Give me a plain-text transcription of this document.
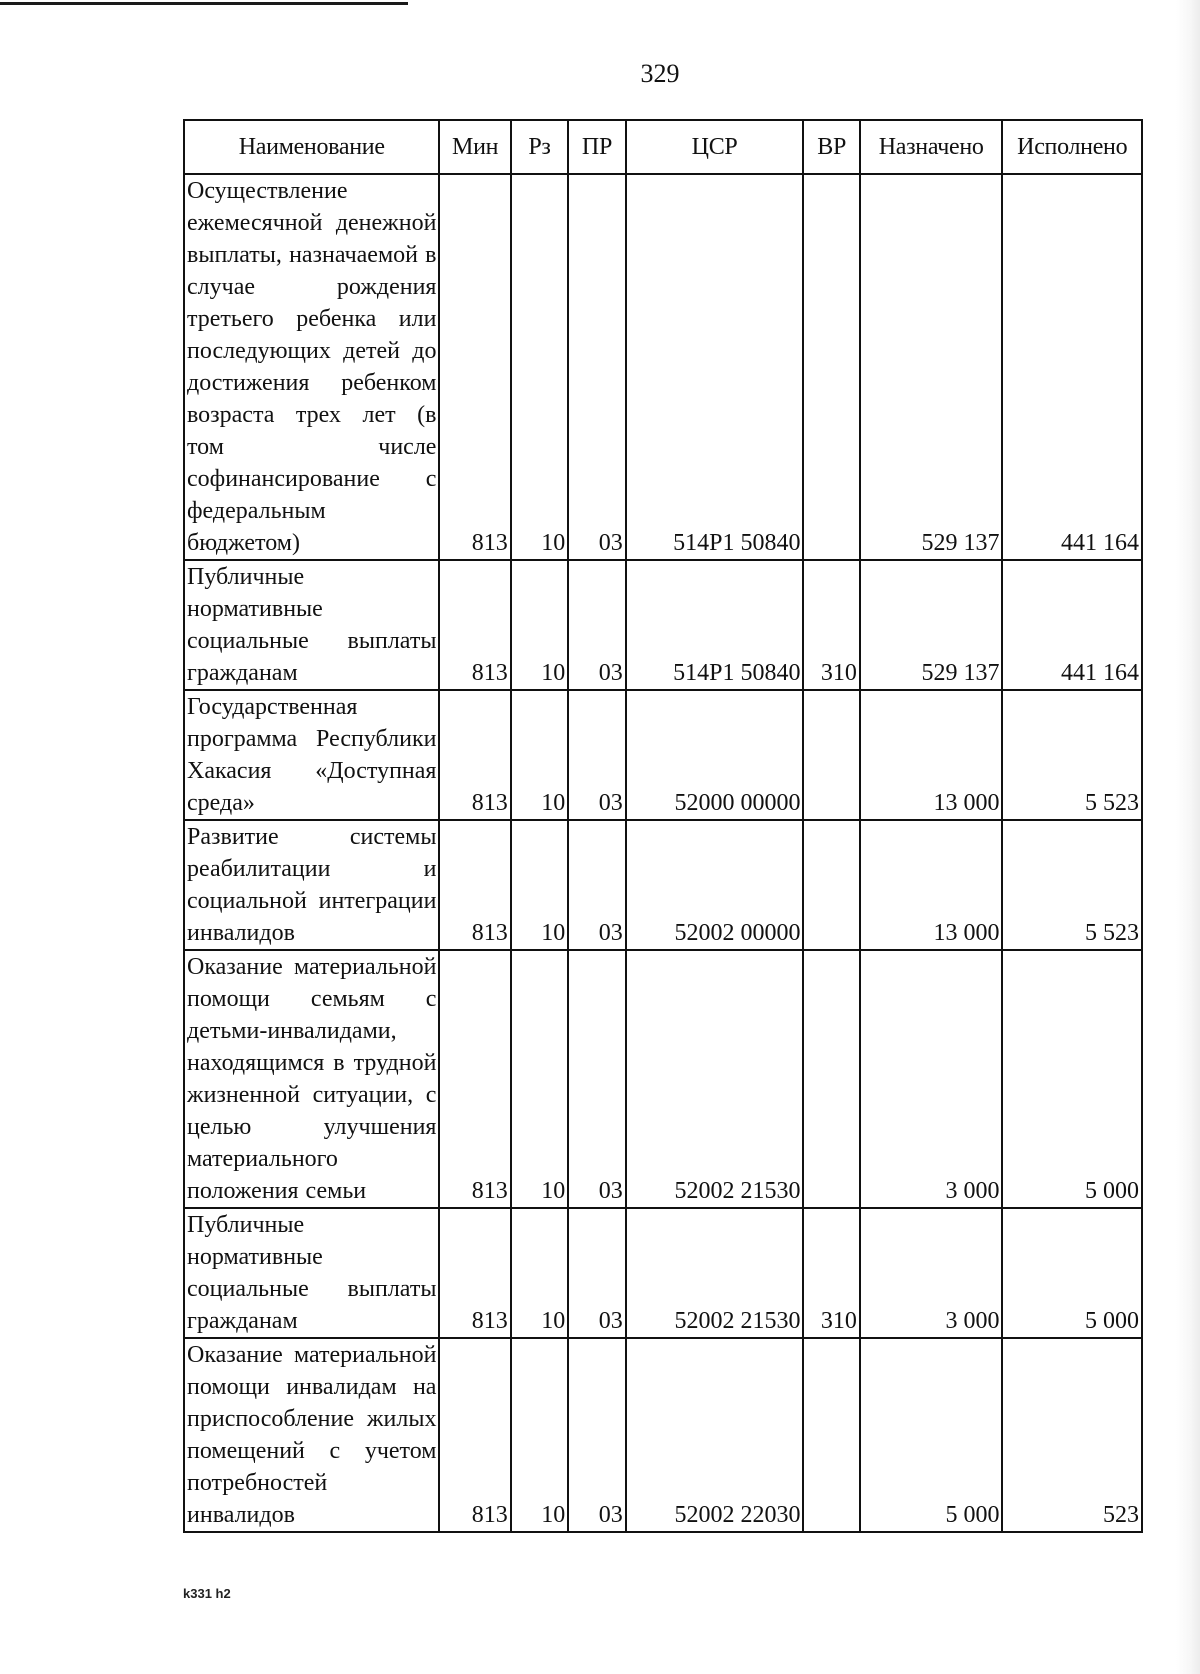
329
Наименование	Мин	Рз	ПР	ЦСР	ВР	Назначено	Исполнено
Осуществление ежемесячной денежной выплаты, назначаемой в случае рождения третьего ребенка или последующих детей до достижения ребенком возраста трех лет (в том числе софинансирование с федеральным бюджетом)	813	10	03	514Р1 50840		529 137	441 164
Публичные нормативные социальные выплаты гражданам	813	10	03	514Р1 50840	310	529 137	441 164
Государственная программа Республики Хакасия «Доступная среда»	813	10	03	52000 00000		13 000	5 523
Развитие системы реабилитации и социальной интеграции инвалидов	813	10	03	52002 00000		13 000	5 523
Оказание материальной помощи семьям с детьми-инвалидами, находящимся в трудной жизненной ситуации, с целью улучшения материального положения семьи	813	10	03	52002 21530		3 000	5 000
Публичные нормативные социальные выплаты гражданам	813	10	03	52002 21530	310	3 000	5 000
Оказание материальной помощи инвалидам на приспособление жилых помещений с учетом потребностей инвалидов	813	10	03	52002 22030		5 000	523
k331 h2
